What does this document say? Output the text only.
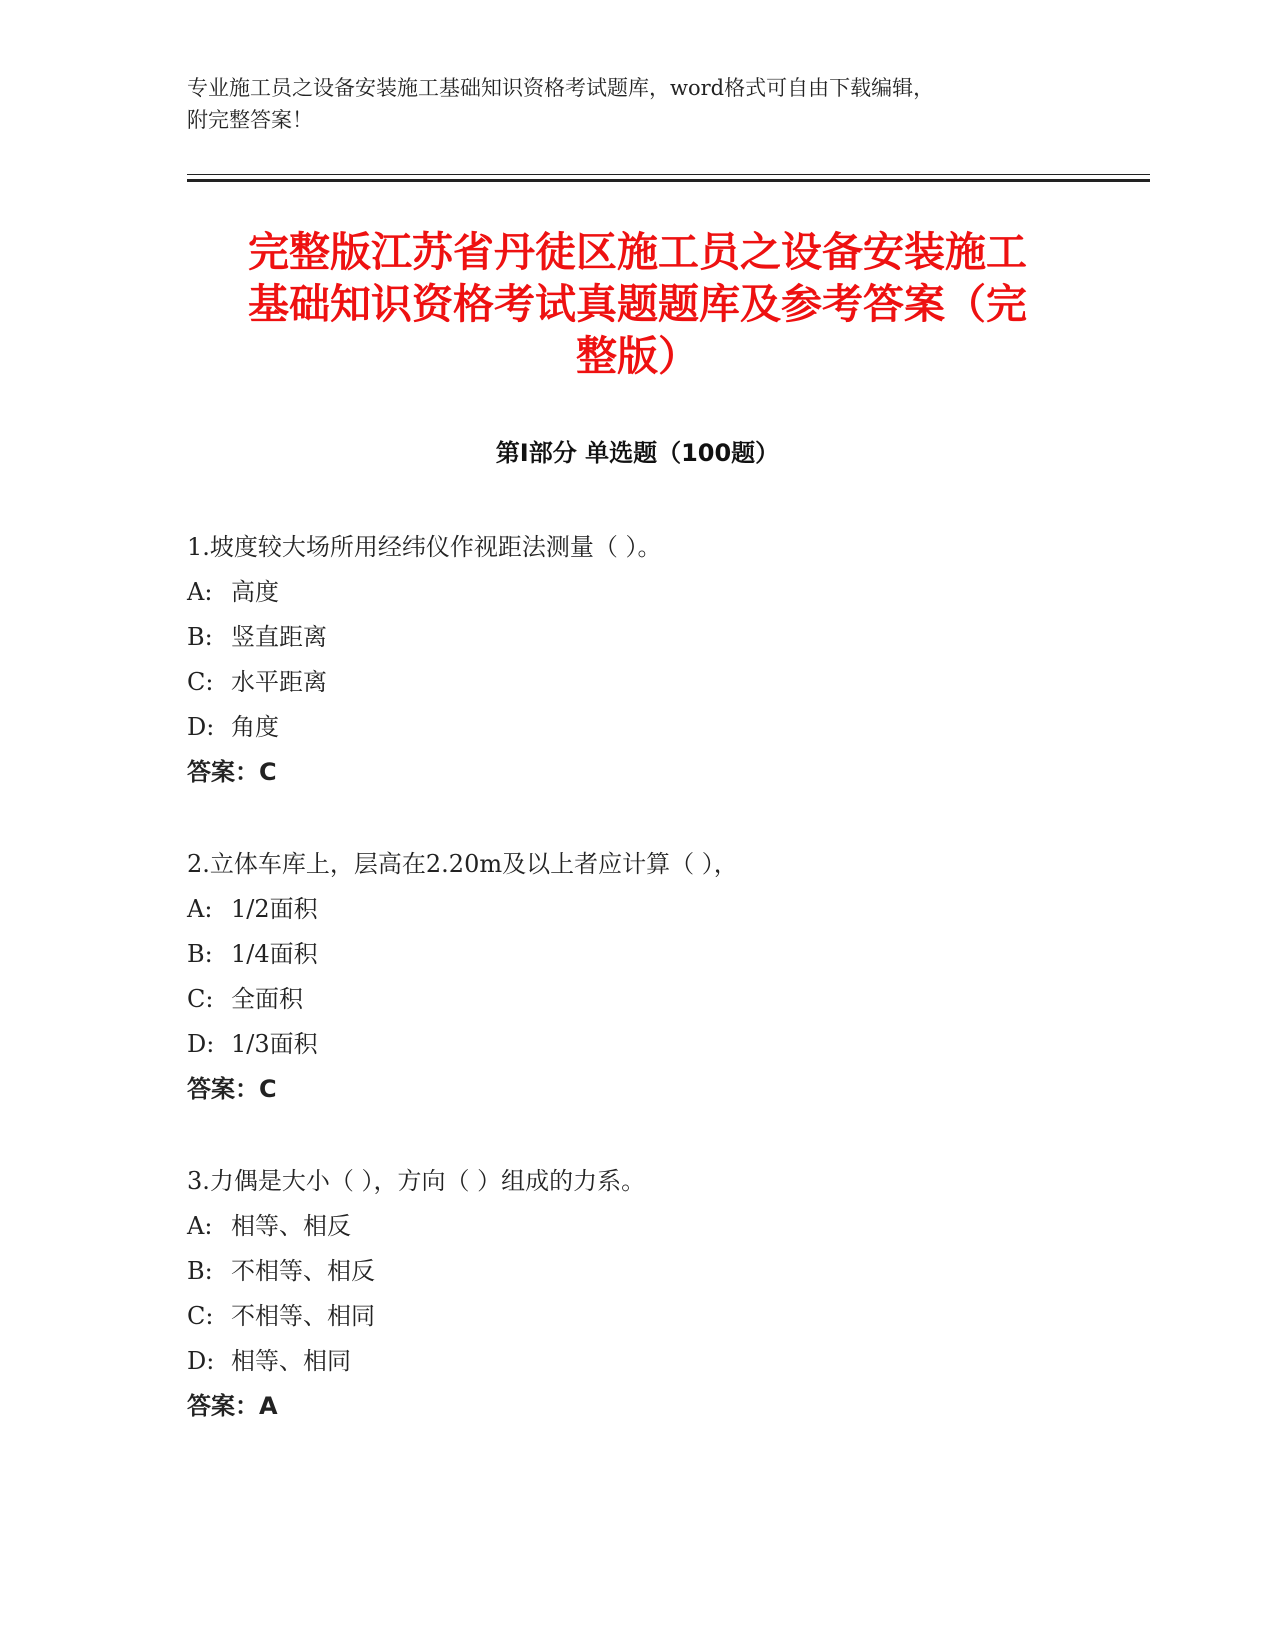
专业施工员之设备安装施工基础知识资格考试题库，word格式可自由下载编辑，
附完整答案！
完整版江苏省丹徒区施工员之设备安装施工
基础知识资格考试真题题库及参考答案（完
整版）
第Ⅰ部分 单选题（100题）
1.坡度较大场所用经纬仪作视距法测量（ ）。
A: 高度
B: 竖直距离
C: 水平距离
D: 角度
答案：C
2.立体车库上，层高在2.20m及以上者应计算（ ），
A: 1/2面积
B: 1/4面积
C: 全面积
D: 1/3面积
答案：C
3.力偶是大小（ ），方向（ ）组成的力系。
A: 相等、相反
B: 不相等、相反
C: 不相等、相同
D: 相等、相同
答案：A
